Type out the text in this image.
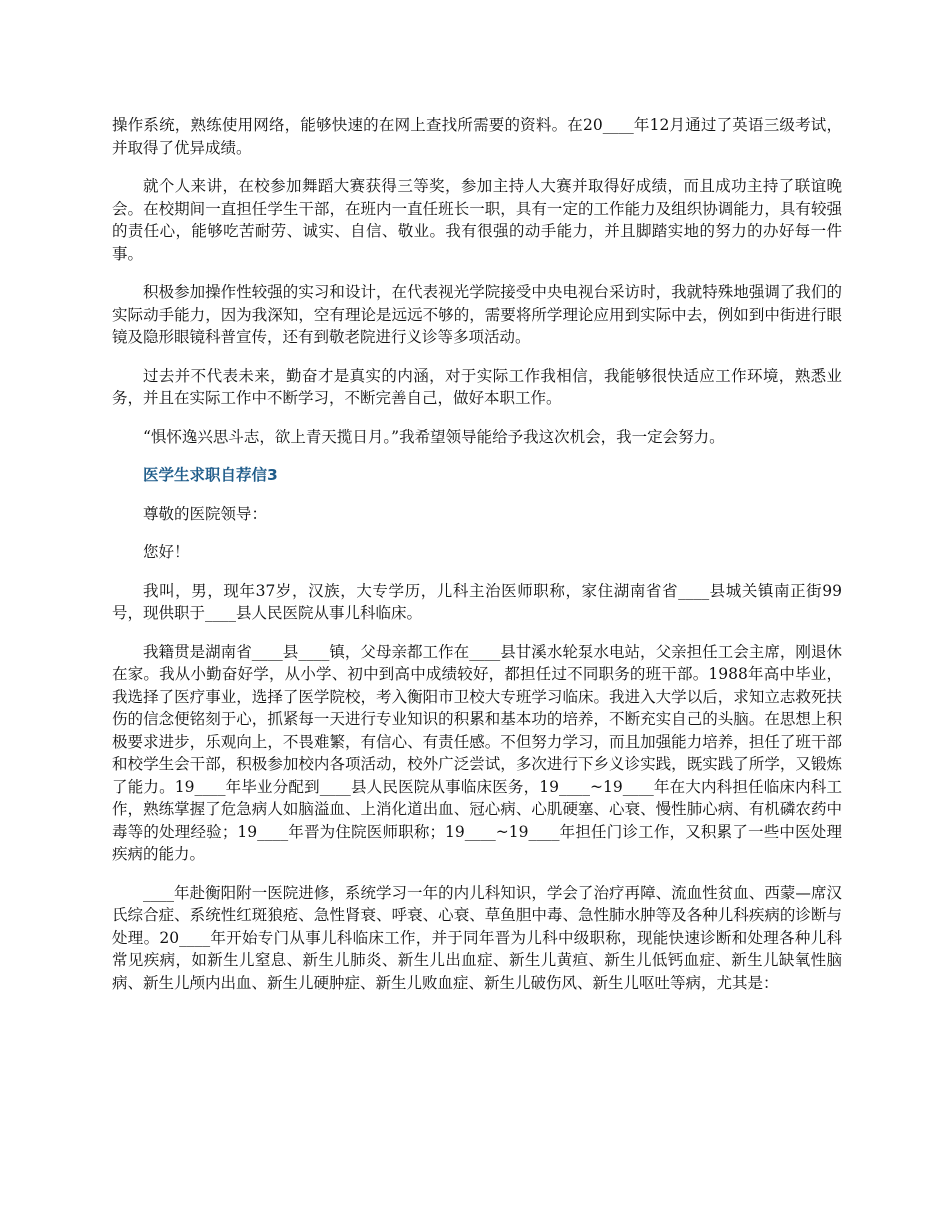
操作系统，熟练使用网络，能够快速的在网上查找所需要的资料。在20____年12月通过了英语三级考试，并取得了优异成绩。

就个人来讲，在校参加舞蹈大赛获得三等奖，参加主持人大赛并取得好成绩，而且成功主持了联谊晚会。在校期间一直担任学生干部，在班内一直任班长一职，具有一定的工作能力及组织协调能力，具有较强的责任心，能够吃苦耐劳、诚实、自信、敬业。我有很强的动手能力，并且脚踏实地的努力的办好每一件事。

积极参加操作性较强的实习和设计，在代表视光学院接受中央电视台采访时，我就特殊地强调了我们的实际动手能力，因为我深知，空有理论是远远不够的，需要将所学理论应用到实际中去，例如到中街进行眼镜及隐形眼镜科普宣传，还有到敬老院进行义诊等多项活动。

过去并不代表未来，勤奋才是真实的内涵，对于实际工作我相信，我能够很快适应工作环境，熟悉业务，并且在实际工作中不断学习，不断完善自己，做好本职工作。

“惧怀逸兴思斗志，欲上青天揽日月。”我希望领导能给予我这次机会，我一定会努力。

医学生求职自荐信3

尊敬的医院领导：

您好！

我叫，男，现年37岁，汉族，大专学历，儿科主治医师职称，家住湖南省省____县城关镇南正街99号，现供职于____县人民医院从事儿科临床。

我籍贯是湖南省____县____镇，父母亲都工作在____县甘溪水轮泵水电站，父亲担任工会主席，刚退休在家。我从小勤奋好学，从小学、初中到高中成绩较好，都担任过不同职务的班干部。1988年高中毕业，我选择了医疗事业，选择了医学院校，考入衡阳市卫校大专班学习临床。我进入大学以后，求知立志救死扶伤的信念便铭刻于心，抓紧每一天进行专业知识的积累和基本功的培养，不断充实自己的头脑。在思想上积极要求进步，乐观向上，不畏难繁，有信心、有责任感。不但努力学习，而且加强能力培养，担任了班干部和校学生会干部，积极参加校内各项活动，校外广泛尝试，多次进行下乡义诊实践，既实践了所学，又锻炼了能力。19____年毕业分配到____县人民医院从事临床医务，19____~19____年在大内科担任临床内科工作，熟练掌握了危急病人如脑溢血、上消化道出血、冠心病、心肌硬塞、心衰、慢性肺心病、有机磷农药中毒等的处理经验；19____年晋为住院医师职称；19____~19____年担任门诊工作，又积累了一些中医处理疾病的能力。

____年赴衡阳附一医院进修，系统学习一年的内儿科知识，学会了治疗再障、流血性贫血、西蒙—席汉氏综合症、系统性红斑狼疮、急性肾衰、呼衰、心衰、草鱼胆中毒、急性肺水肿等及各种儿科疾病的诊断与处理。20____年开始专门从事儿科临床工作，并于同年晋为儿科中级职称，现能快速诊断和处理各种儿科常见疾病，如新生儿窒息、新生儿肺炎、新生儿出血症、新生儿黄疸、新生儿低钙血症、新生儿缺氧性脑病、新生儿颅内出血、新生儿硬肿症、新生儿败血症、新生儿破伤风、新生儿呕吐等病，尤其是：
